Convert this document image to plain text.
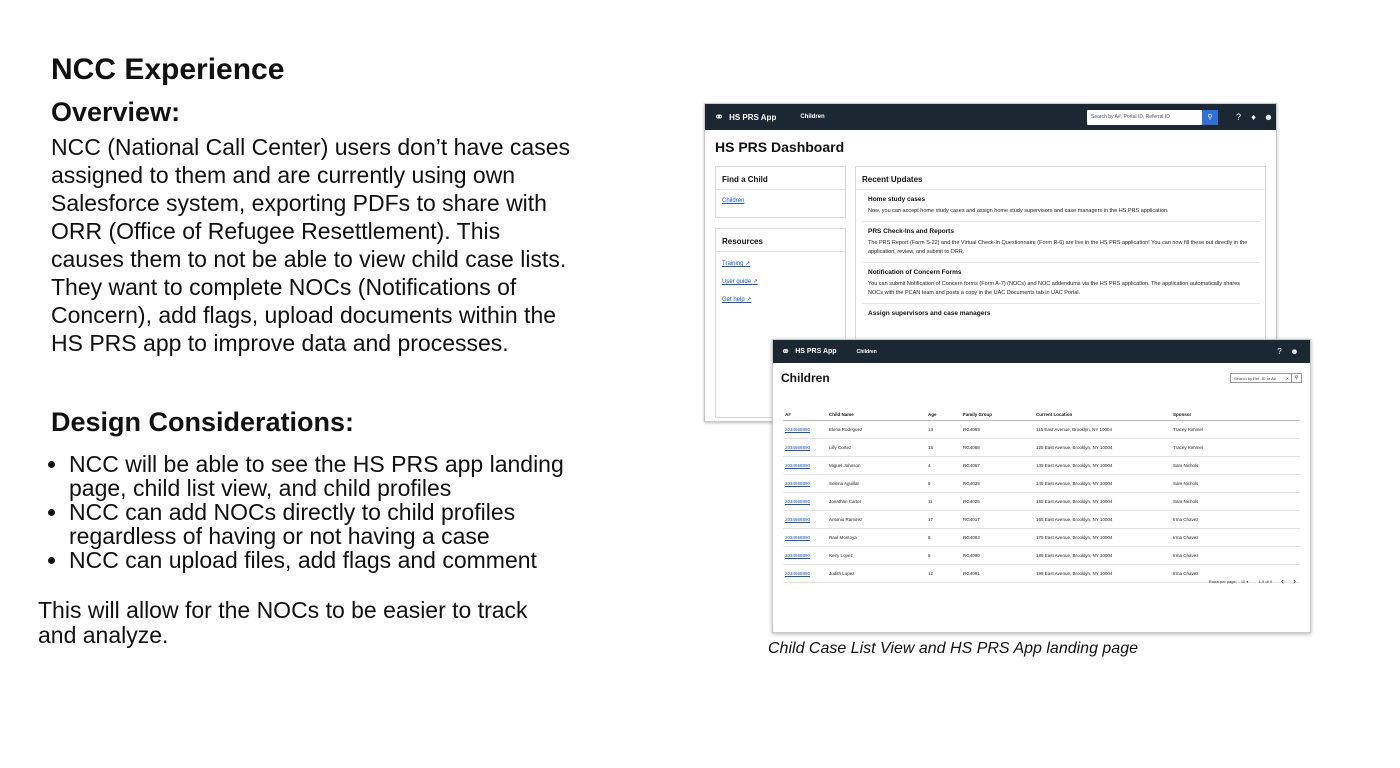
NCC Experience
Overview:

NCC (National Call Center) users don’t have cases assigned to them and are currently using own Salesforce system, exporting PDFs to share with ORR (Office of Refugee Resettlement). This causes them to not be able to view child case lists. They want to complete NOCs (Notifications of Concern), add flags, upload documents within the HS PRS app to improve data and processes.

Design Considerations:
• NCC will be able to see the HS PRS app landing page, child list view, and child profiles
• NCC can add NOCs directly to child profiles regardless of having or not having a case
• NCC can upload files, add flags and comment

This will allow for the NOCs to be easier to track and analyze.

⚭ HS PRS App	Children	Search by A#, Portal ID, Referral ID	⚲	?	♦ ☻
HS PRS Dashboard
Find a Child
Children
Resources
Training ↗
User guide ↗
Get help ↗
Recent Updates
Home study cases
Now, you can accept home study cases and assign home study supervisors and case managers in the HS PRS application.
PRS Check-Ins and Reports
The PRS Report (Form S-22) and the Virtual Check-In Questionnaire (Form R-6) are live in the HS PRS application! You can now fill these out directly in the application, review, and submit to ORR.
Notification of Concern Forms
You can submit Notification of Concern forms (Form A-7) (NOCs) and NOC addendums via the HS PRS application. The application automatically shares NOCs with the PCAN team and posts a copy in the UAC Documents tab in UAC Portal.
Assign supervisors and case managers
⚭ HS PRS App	Children	?	☻
Children	Search by Ref. ID or A# ✕	⚲
A#	Child Name	Age	Family Group	Current Location	Sponsor
2034568890	Elena Rodriguez	13	RG4059	115 East Avenue, Brooklyn, NY 10004	Tracey Kimmel
2034568890	Lilly Cortez	15	RG4068	125 East Avenue, Brooklyn, NY 10004	Tracey Kimmel
2034568890	Miguel Johnson	4	RG4067	135 East Avenue, Brooklyn, NY 10004	Sam Nichols
2034568890	Selena Aguillar	9	RG4035	145 East Avenue, Brooklyn, NY 10004	Sam Nichols
2034568890	Jonathan Carter	11	RG4026	155 East Avenue, Brooklyn, NY 10004	Sam Nichols
2034568890	Antonio Ramirez	17	RG4017	165 East Avenue, Brooklyn, NY 10004	Irma Chavez
2034568890	Raul Montoya	8	RG4093	175 East Avenue, Brooklyn, NY 10004	Irma Chavez
2034568890	Keiry Lopez	8	RG4090	185 East Avenue, Brooklyn, NY 10004	Irma Chavez
2034568890	Judith Lopez	12	RG4091	195 East Avenue, Brooklyn, NY 10004	Irma Chavez
Rows per page: 10 ▾	1-9 of 9 ‹ ›
Child Case List View and HS PRS App landing page
